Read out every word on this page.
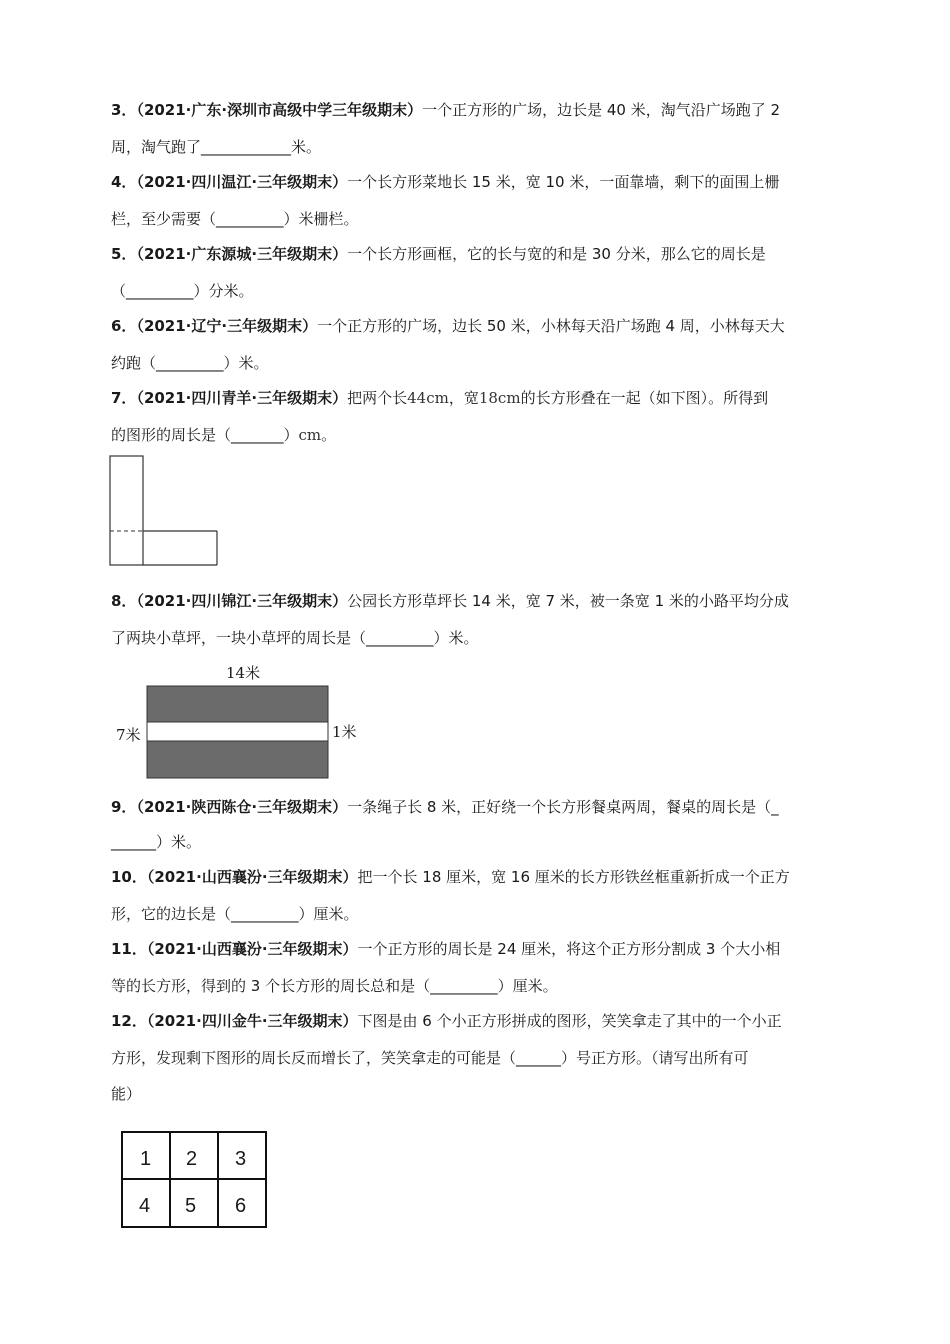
3．（2021·广东·深圳市高级中学三年级期末）一个正方形的广场，边长是 40 米，淘气沿广场跑了 2
周，淘气跑了____________米。
4．（2021·四川温江·三年级期末）一个长方形菜地长 15 米，宽 10 米，一面靠墙，剩下的面围上栅
栏，至少需要（_________）米栅栏。
5．（2021·广东源城·三年级期末）一个长方形画框，它的长与宽的和是 30 分米，那么它的周长是
（_________）分米。
6．（2021·辽宁·三年级期末）一个正方形的广场，边长 50 米，小林每天沿广场跑 4 周，小林每天大
约跑（_________）米。
7．（2021·四川青羊·三年级期末）把两个长44cm，宽18cm的长方形叠在一起（如下图）。所得到
的图形的周长是（_______）cm。
8．（2021·四川锦江·三年级期末）公园长方形草坪长 14 米，宽 7 米，被一条宽 1 米的小路平均分成
了两块小草坪，一块小草坪的周长是（_________）米。
14米
7米	1米
9．（2021·陕西陈仓·三年级期末）一条绳子长 8 米，正好绕一个长方形餐桌两周，餐桌的周长是（_
______）米。
10．（2021·山西襄汾·三年级期末）把一个长 18 厘米，宽 16 厘米的长方形铁丝框重新折成一个正方
形，它的边长是（_________）厘米。
11．（2021·山西襄汾·三年级期末）一个正方形的周长是 24 厘米，将这个正方形分割成 3 个大小相
等的长方形，得到的 3 个长方形的周长总和是（_________）厘米。
12．（2021·四川金牛·三年级期末）下图是由 6 个小正方形拼成的图形，笑笑拿走了其中的一个小正
方形，发现剩下图形的周长反而增长了，笑笑拿走的可能是（______）号正方形。（请写出所有可
能）
1 2 3
4 5 6
